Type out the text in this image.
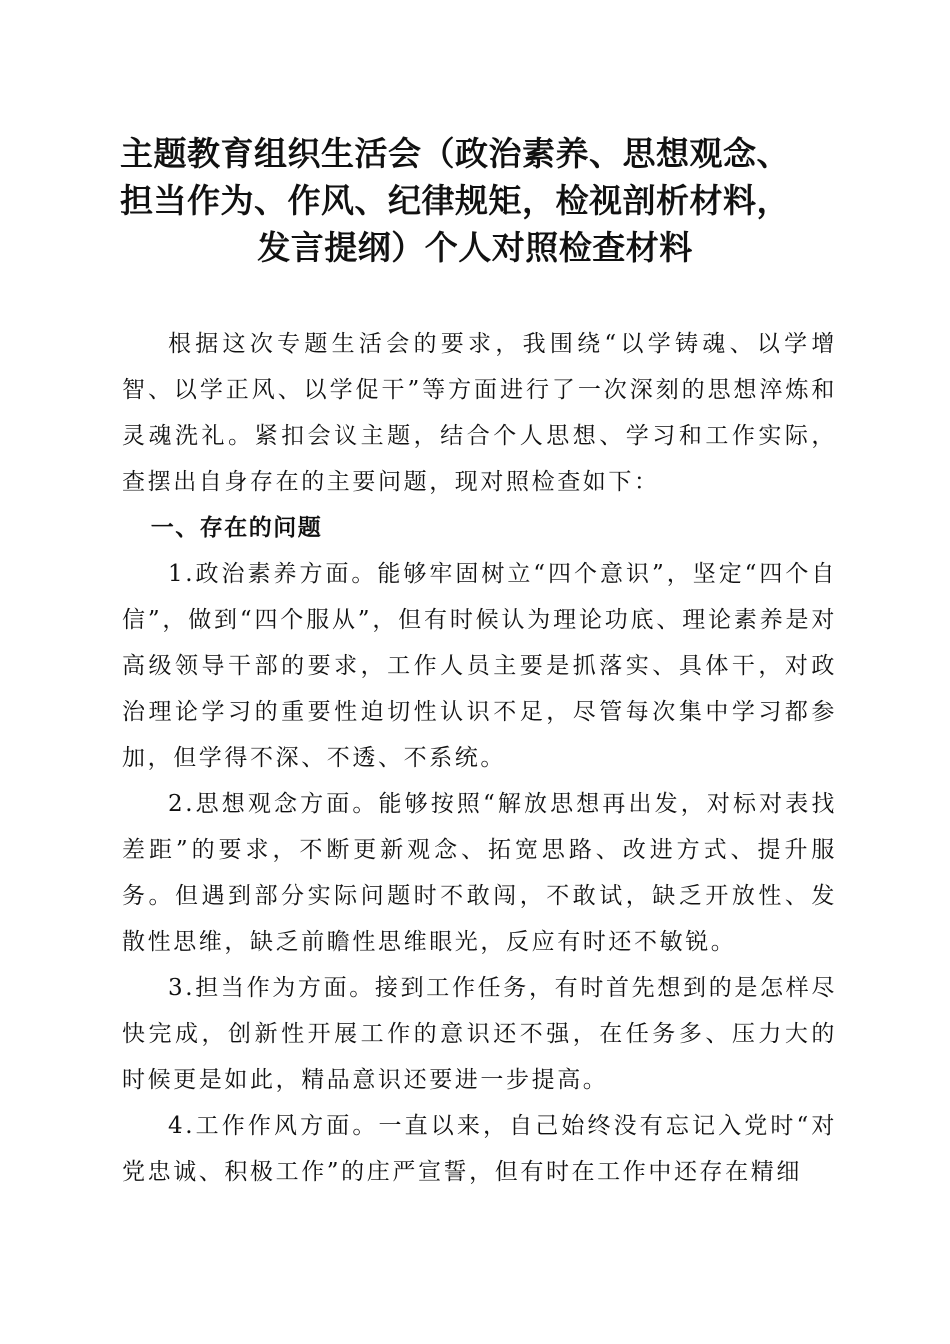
主题教育组织生活会（政治素养、思想观念、
担当作为、作风、纪律规矩，检视剖析材料，
发言提纲）个人对照检查材料

根据这次专题生活会的要求，我围绕“以学铸魂、以学增智、以学正风、以学促干”等方面进行了一次深刻的思想淬炼和灵魂洗礼。紧扣会议主题，结合个人思想、学习和工作实际，查摆出自身存在的主要问题，现对照检查如下：

一、存在的问题

1.政治素养方面。能够牢固树立“四个意识”，坚定“四个自信”，做到“四个服从”，但有时候认为理论功底、理论素养是对高级领导干部的要求，工作人员主要是抓落实、具体干，对政治理论学习的重要性迫切性认识不足，尽管每次集中学习都参加，但学得不深、不透、不系统。

2.思想观念方面。能够按照“解放思想再出发，对标对表找差距”的要求，不断更新观念、拓宽思路、改进方式、提升服务。但遇到部分实际问题时不敢闯，不敢试，缺乏开放性、发散性思维，缺乏前瞻性思维眼光，反应有时还不敏锐。

3.担当作为方面。接到工作任务，有时首先想到的是怎样尽快完成，创新性开展工作的意识还不强，在任务多、压力大的时候更是如此，精品意识还要进一步提高。

4.工作作风方面。一直以来，自己始终没有忘记入党时“对党忠诚、积极工作”的庄严宣誓，但有时在工作中还存在精细
